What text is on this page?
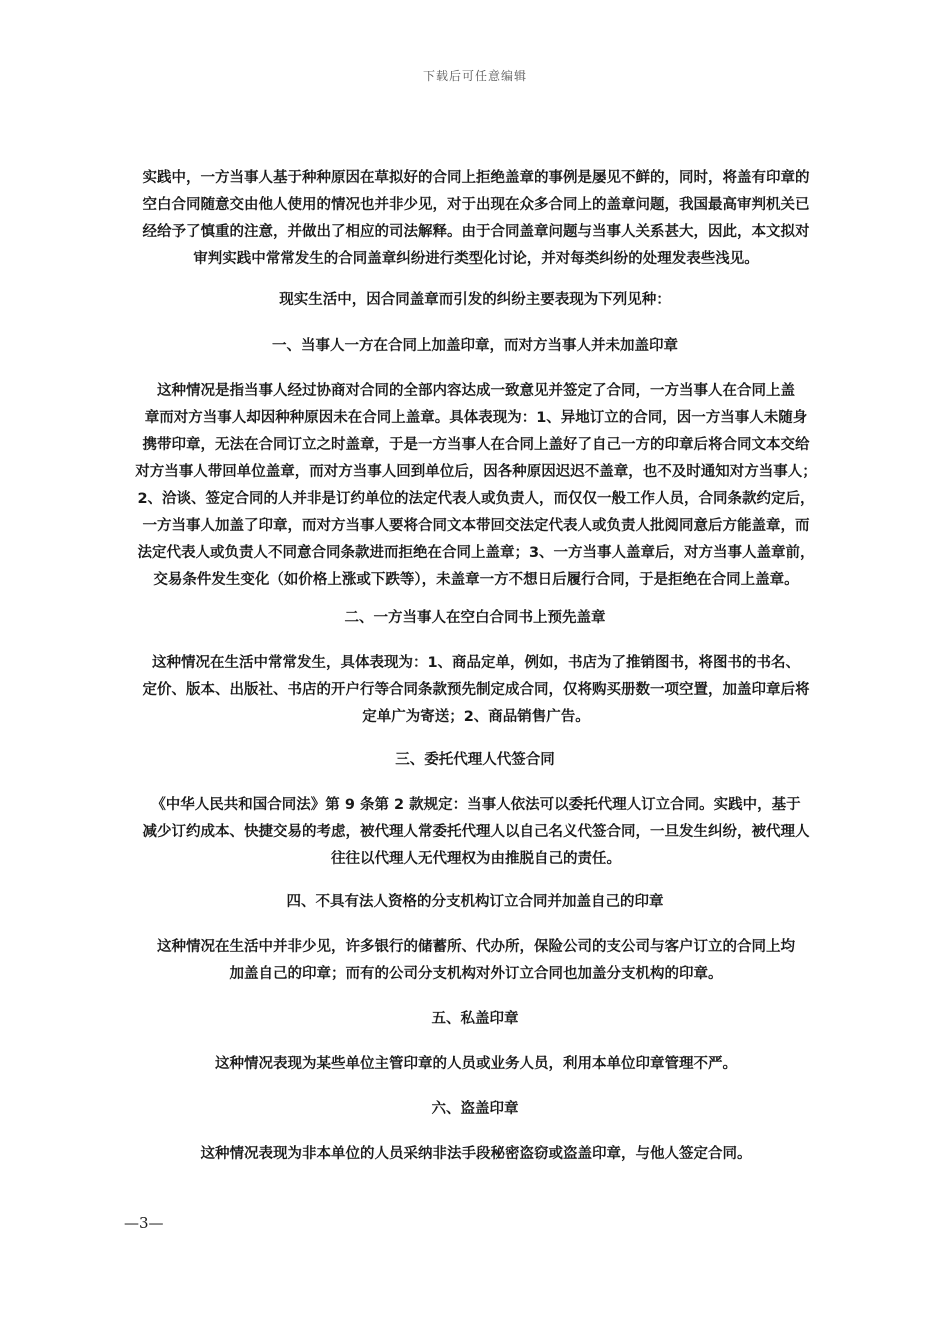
下载后可任意编辑
实践中，一方当事人基于种种原因在草拟好的合同上拒绝盖章的事例是屡见不鲜的，同时，将盖有印章的
空白合同随意交由他人使用的情况也并非少见，对于出现在众多合同上的盖章问题，我国最高审判机关已
经给予了慎重的注意，并做出了相应的司法解释。由于合同盖章问题与当事人关系甚大，因此，本文拟对
审判实践中常常发生的合同盖章纠纷进行类型化讨论，并对每类纠纷的处理发表些浅见。
现实生活中，因合同盖章而引发的纠纷主要表现为下列见种：
一、当事人一方在合同上加盖印章，而对方当事人并未加盖印章
这种情况是指当事人经过协商对合同的全部内容达成一致意见并签定了合同，一方当事人在合同上盖
章而对方当事人却因种种原因未在合同上盖章。具体表现为：1、异地订立的合同，因一方当事人未随身
携带印章，无法在合同订立之时盖章，于是一方当事人在合同上盖好了自己一方的印章后将合同文本交给
对方当事人带回单位盖章，而对方当事人回到单位后，因各种原因迟迟不盖章，也不及时通知对方当事人；
2、洽谈、签定合同的人并非是订约单位的法定代表人或负责人，而仅仅一般工作人员，合同条款约定后，
一方当事人加盖了印章，而对方当事人要将合同文本带回交法定代表人或负责人批阅同意后方能盖章，而
法定代表人或负责人不同意合同条款进而拒绝在合同上盖章；3、一方当事人盖章后，对方当事人盖章前，
交易条件发生变化（如价格上涨或下跌等），未盖章一方不想日后履行合同，于是拒绝在合同上盖章。
二、一方当事人在空白合同书上预先盖章
这种情况在生活中常常发生，具体表现为：1、商品定单，例如，书店为了推销图书，将图书的书名、
定价、版本、出版社、书店的开户行等合同条款预先制定成合同，仅将购买册数一项空置，加盖印章后将
定单广为寄送；2、商品销售广告。
三、委托代理人代签合同
《中华人民共和国合同法》第 9 条第 2 款规定：当事人依法可以委托代理人订立合同。实践中，基于
减少订约成本、快捷交易的考虑，被代理人常委托代理人以自己名义代签合同，一旦发生纠纷，被代理人
往往以代理人无代理权为由推脱自己的责任。
四、不具有法人资格的分支机构订立合同并加盖自己的印章
这种情况在生活中并非少见，许多银行的储蓄所、代办所，保险公司的支公司与客户订立的合同上均
加盖自己的印章；而有的公司分支机构对外订立合同也加盖分支机构的印章。
五、私盖印章
这种情况表现为某些单位主管印章的人员或业务人员，利用本单位印章管理不严。
六、盗盖印章
这种情况表现为非本单位的人员采纳非法手段秘密盗窃或盗盖印章，与他人签定合同。
—3—
